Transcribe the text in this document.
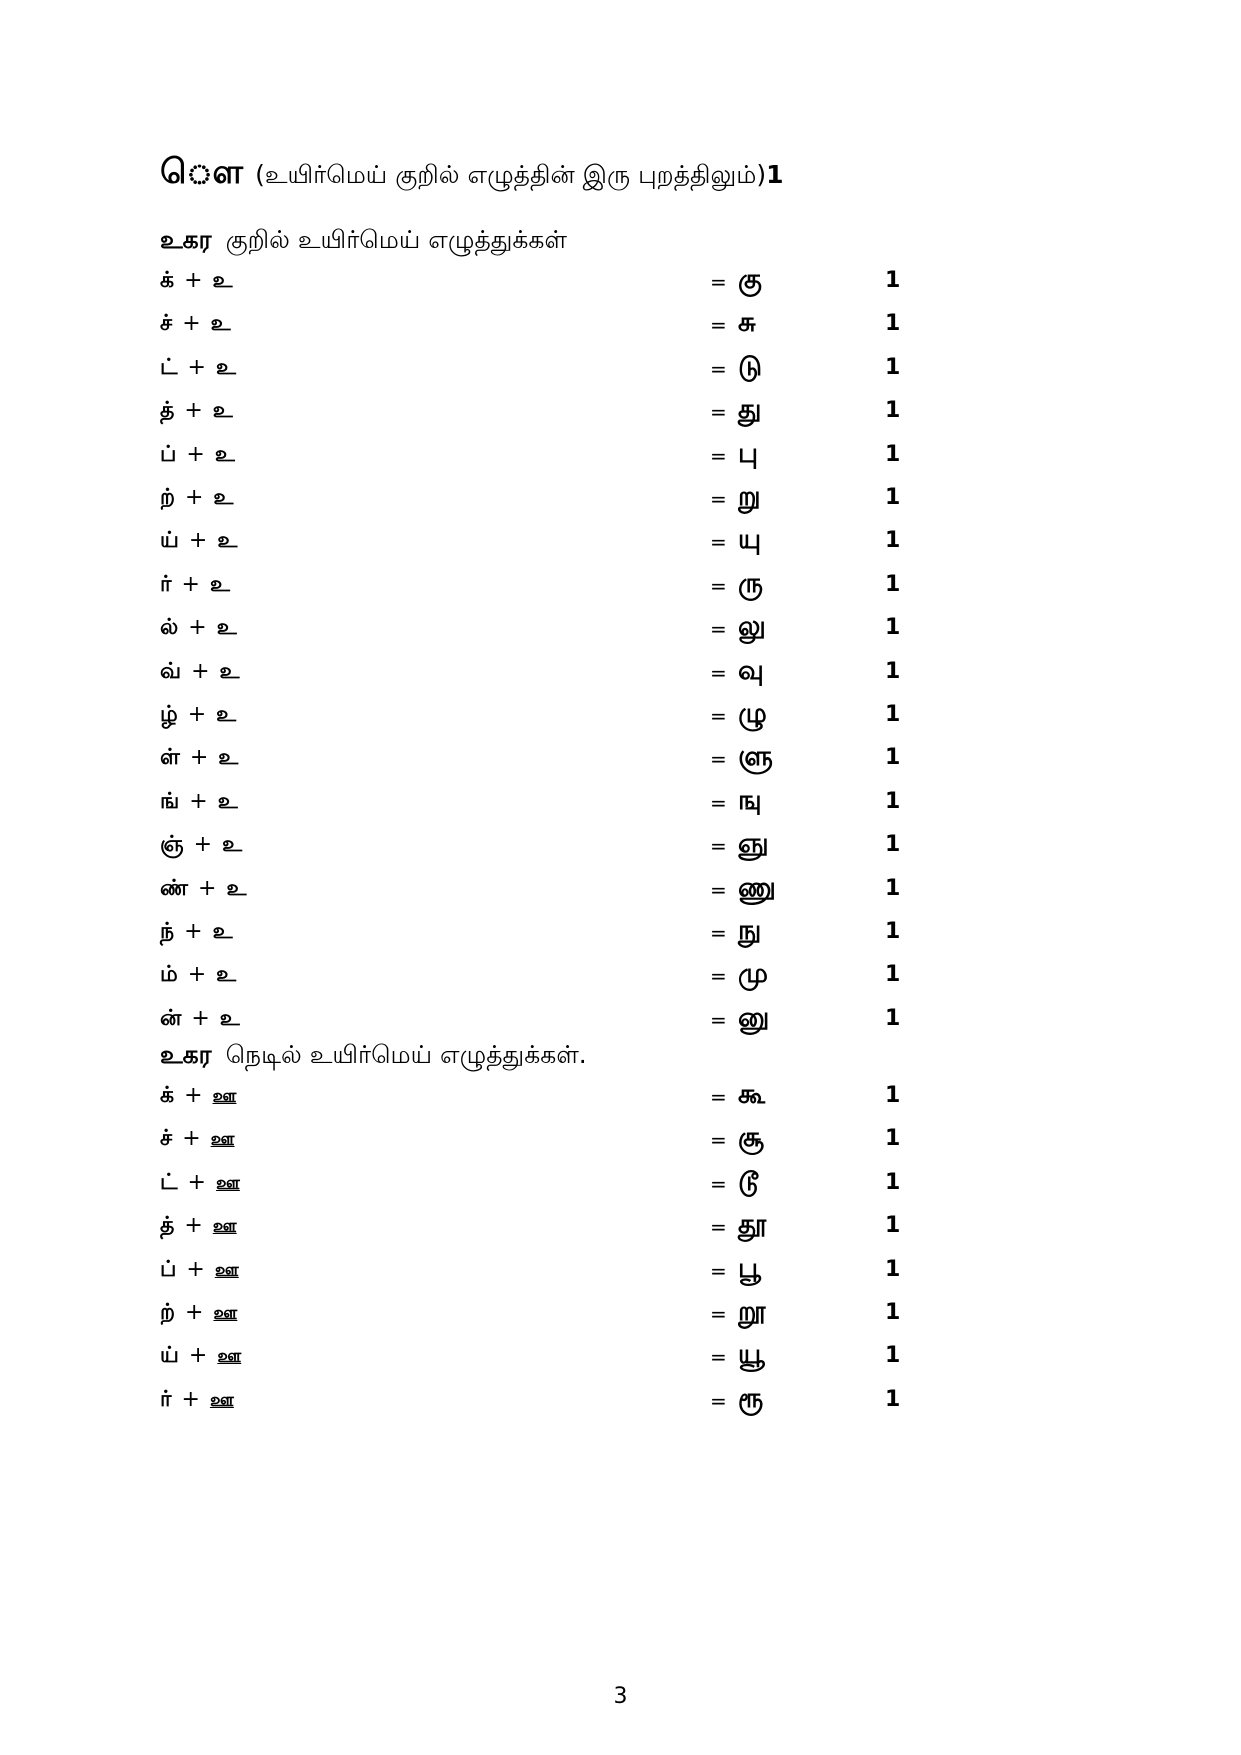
ெள (உயிர்மெய் குறில் எழுத்தின் இரு புறத்திலும்)1
உகர குறில் உயிர்மெய் எழுத்துக்கள்
க் + உ	= கு	1
ச் + உ	= சு	1
ட் + உ	= டு	1
த் + உ	= து	1
ப் + உ	= பு	1
ற் + உ	= று	1
ய் + உ	= யு	1
ர் + உ	= ரு	1
ல் + உ	= லு	1
வ் + உ	= வு	1
ழ் + உ	= ழு	1
ள் + உ	= ளு	1
ங் + உ	= ஙு	1
ஞ் + உ	= ஞு	1
ண் + உ	= ணு	1
ந் + உ	= நு	1
ம் + உ	= மு	1
ன் + உ	= னு	1
உகர நெடில் உயிர்மெய் எழுத்துக்கள்.
க் + ஊ	= கூ	1
ச் + ஊ	= சூ	1
ட் + ஊ	= டூ	1
த் + ஊ	= தூ	1
ப் + ஊ	= பூ	1
ற் + ஊ	= றூ	1
ய் + ஊ	= யூ	1
ர் + ஊ	= ரூ	1
3
